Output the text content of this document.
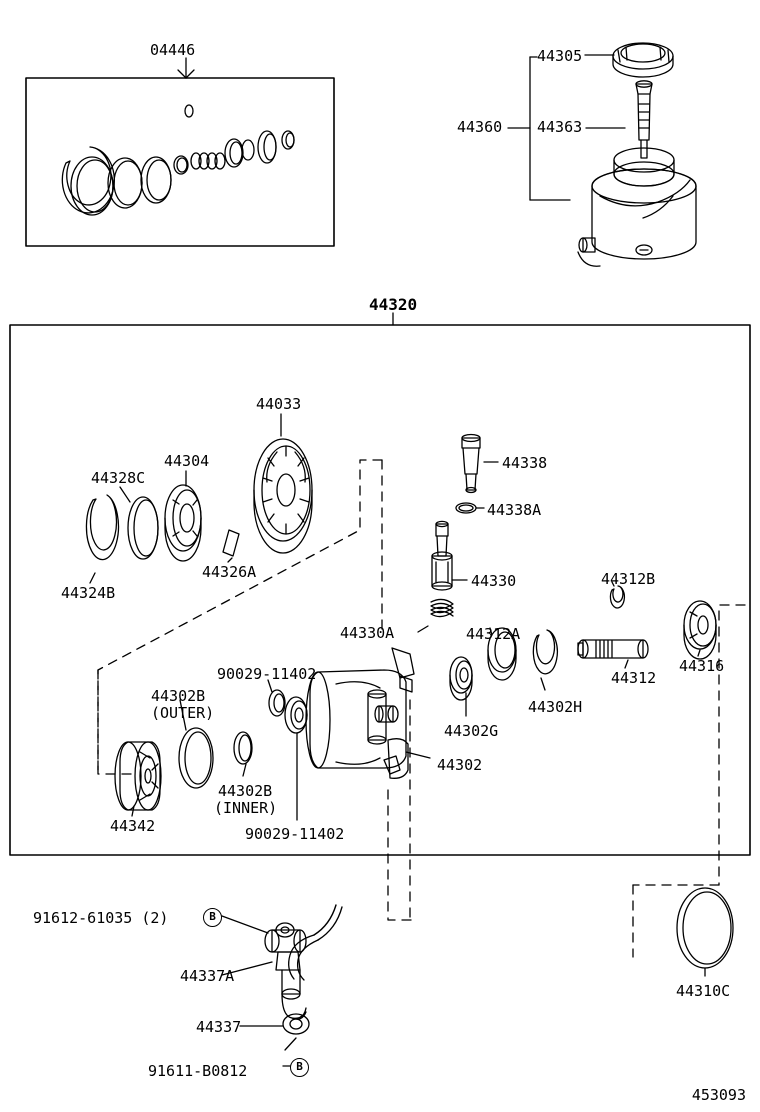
04446	44305
44360 44363
44320
44033
44304
44328C
44326A
44324B
44338
44338A
44330
44330A	44312A
44312B
44312
44316
44302H
44302G
90029-11402
44302B
(OUTER)
44302
44302B
(INNER)
44342	90029-11402
91612-61035 (2)
44337A
44337
91611-B0812
44310C
453093
B
B
